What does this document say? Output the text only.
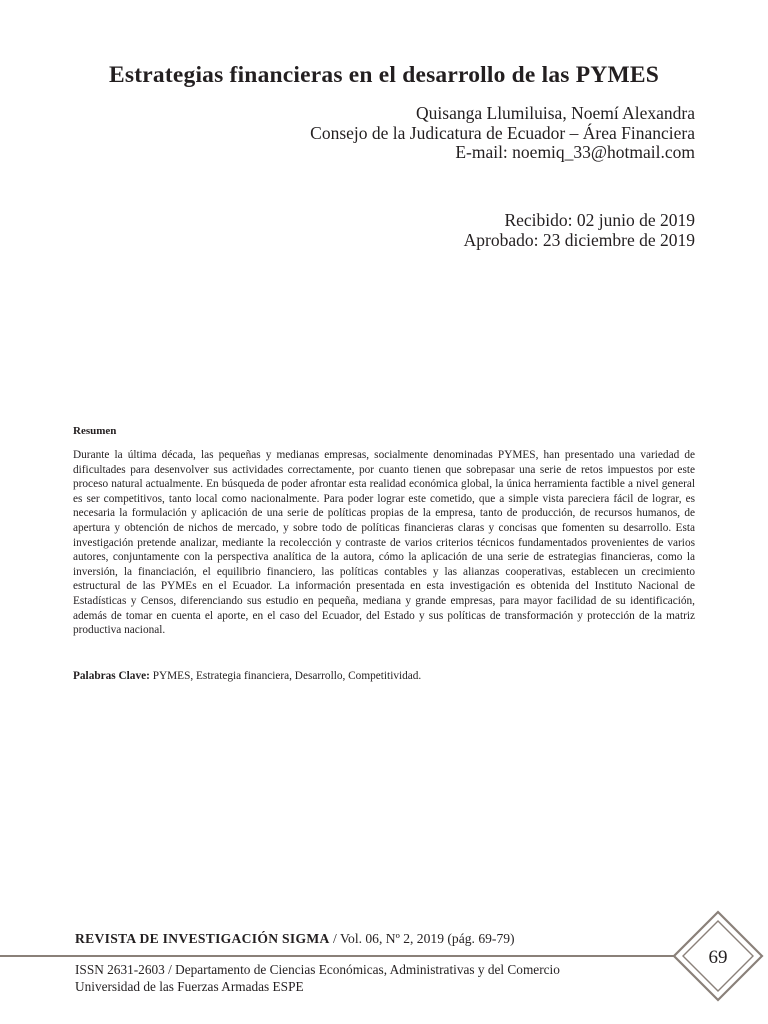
Estrategias financieras en el desarrollo de las PYMES
Quisanga Llumiluisa, Noemí Alexandra
Consejo de la Judicatura de Ecuador – Área Financiera
E-mail: noemiq_33@hotmail.com
Recibido: 02 junio de 2019
Aprobado: 23 diciembre de 2019
Resumen

Durante la última década, las pequeñas y medianas empresas, socialmente denominadas PYMES, han presentado una variedad de dificultades para desenvolver sus actividades correctamente, por cuanto tienen que sobrepasar una serie de retos impuestos por este proceso natural actualmente. En búsqueda de poder afrontar esta realidad económica global, la única herramienta factible a nivel general es ser competitivos, tanto local como nacionalmente. Para poder lograr este cometido, que a simple vista pareciera fácil de lograr, es necesaria la formulación y aplicación de una serie de políticas propias de la empresa, tanto de producción, de recursos humanos, de apertura y obtención de nichos de mercado, y sobre todo de políticas financieras claras y concisas que fomenten su desarrollo. Esta investigación pretende analizar, mediante la recolección y contraste de varios criterios técnicos fundamentados provenientes de varios autores, conjuntamente con la perspectiva analítica de la autora, cómo la aplicación de una serie de estrategias financieras, como la inversión, la financiación, el equilibrio financiero, las políticas contables y las alianzas cooperativas, establecen un crecimiento estructural de las PYMEs en el Ecuador. La información presentada en esta investigación es obtenida del Instituto Nacional de Estadísticas y Censos, diferenciando sus estudio en pequeña, mediana y grande empresas, para mayor facilidad de su identificación, además de tomar en cuenta el aporte, en el caso del Ecuador, del Estado y sus políticas de transformación y protección de la matriz productiva nacional.

Palabras Clave: PYMES, Estrategia financiera, Desarrollo, Competitividad.
REVISTA DE INVESTIGACIÓN SIGMA / Vol. 06, Nº 2, 2019 (pág. 69-79)
ISSN 2631-2603 / Departamento de Ciencias Económicas, Administrativas y del Comercio
Universidad de las Fuerzas Armadas ESPE
69
